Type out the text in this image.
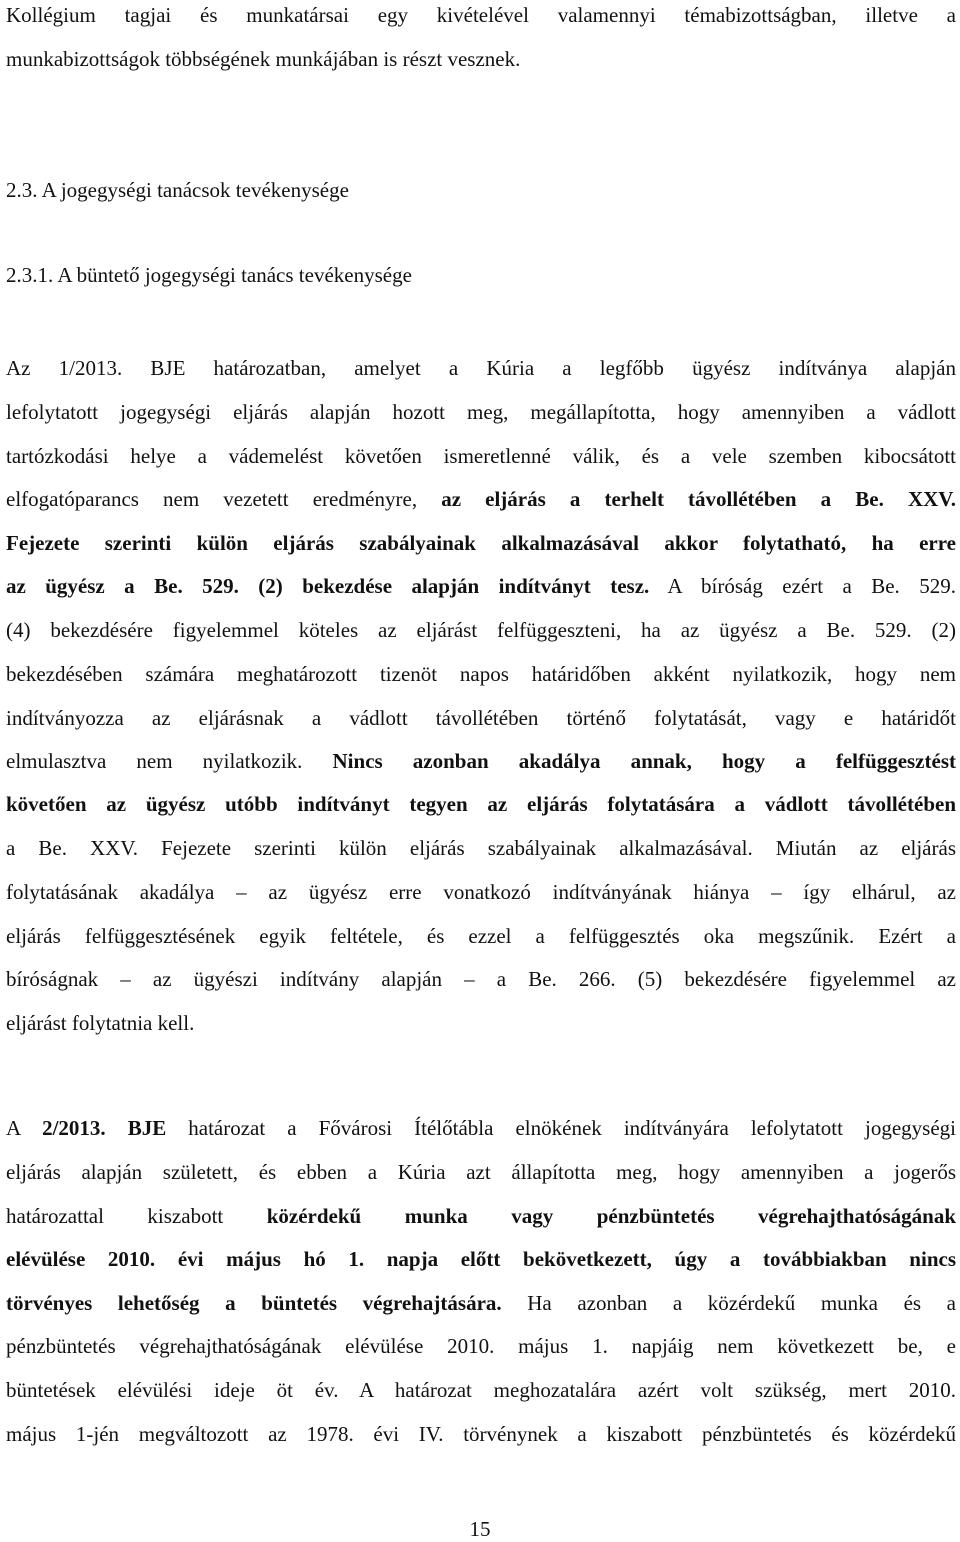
Kollégium tagjai és munkatársai egy kivételével valamennyi témabizottságban, illetve a
munkabizottságok többségének munkájában is részt vesznek.
2.3. A jogegységi tanácsok tevékenysége
2.3.1. A büntető jogegységi tanács tevékenysége
Az 1/2013. BJE határozatban, amelyet a Kúria a legfőbb ügyész indítványa alapján
lefolytatott jogegységi eljárás alapján hozott meg, megállapította, hogy amennyiben a vádlott
tartózkodási helye a vádemelést követően ismeretlenné válik, és a vele szemben kibocsátott
elfogatóparancs nem vezetett eredményre, az eljárás a terhelt távollétében a Be. XXV.
Fejezete szerinti külön eljárás szabályainak alkalmazásával akkor folytatható, ha erre
az ügyész a Be. 529. (2) bekezdése alapján indítványt tesz. A bíróság ezért a Be. 529.
(4) bekezdésére figyelemmel köteles az eljárást felfüggeszteni, ha az ügyész a Be. 529. (2)
bekezdésében számára meghatározott tizenöt napos határidőben akként nyilatkozik, hogy nem
indítványozza az eljárásnak a vádlott távollétében történő folytatását, vagy e határidőt
elmulasztva nem nyilatkozik. Nincs azonban akadálya annak, hogy a felfüggesztést
követően az ügyész utóbb indítványt tegyen az eljárás folytatására a vádlott távollétében
a Be. XXV. Fejezete szerinti külön eljárás szabályainak alkalmazásával. Miután az eljárás
folytatásának akadálya – az ügyész erre vonatkozó indítványának hiánya – így elhárul, az
eljárás felfüggesztésének egyik feltétele, és ezzel a felfüggesztés oka megszűnik. Ezért a
bíróságnak – az ügyészi indítvány alapján – a Be. 266. (5) bekezdésére figyelemmel az
eljárást folytatnia kell.
A 2/2013. BJE határozat a Fővárosi Ítélőtábla elnökének indítványára lefolytatott jogegységi
eljárás alapján született, és ebben a Kúria azt állapította meg, hogy amennyiben a jogerős
határozattal kiszabott közérdekű munka vagy pénzbüntetés végrehajthatóságának
elévülése 2010. évi május hó 1. napja előtt bekövetkezett, úgy a továbbiakban nincs
törvényes lehetőség a büntetés végrehajtására. Ha azonban a közérdekű munka és a
pénzbüntetés végrehajthatóságának elévülése 2010. május 1. napjáig nem következett be, e
büntetések elévülési ideje öt év. A határozat meghozatalára azért volt szükség, mert 2010.
május 1-jén megváltozott az 1978. évi IV. törvénynek a kiszabott pénzbüntetés és közérdekű
15
